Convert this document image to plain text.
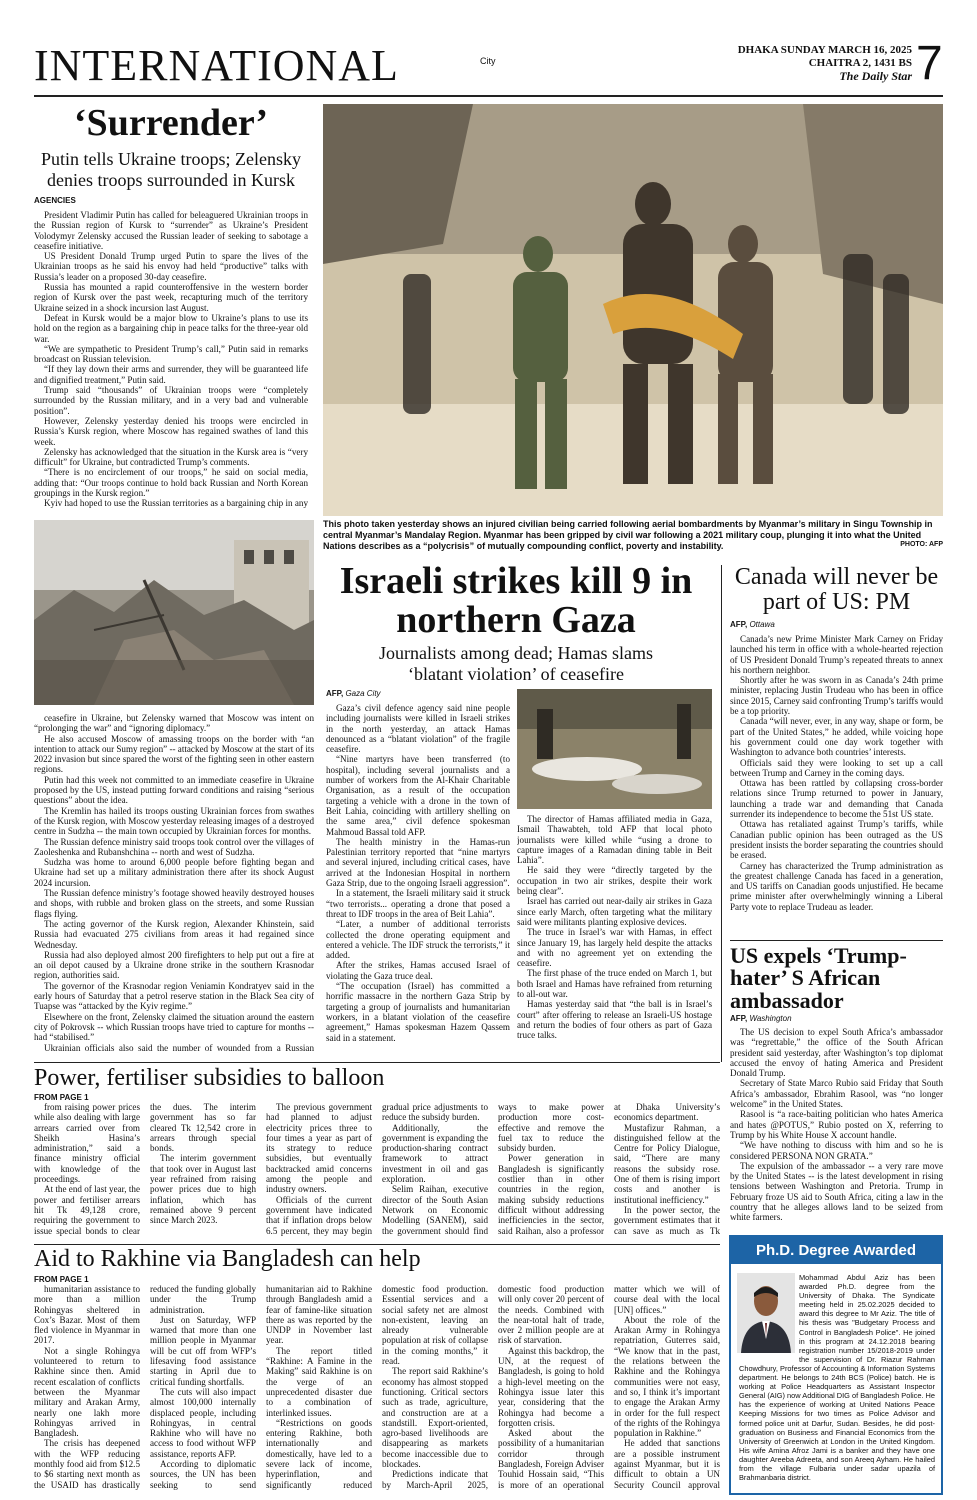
INTERNATIONAL	City
DHAKA SUNDAY MARCH 16, 2025
CHAITRA 2, 1431 BS
The Daily Star 7
‘Surrender’
Putin tells Ukraine troops; Zelensky denies troops surrounded in Kursk
AGENCIES

President Vladimir Putin has called for beleaguered Ukrainian troops in the Russian region of Kursk to “surrender” as Ukraine’s President Volodymyr Zelensky accused the Russian leader of seeking to sabotage a ceasefire initiative.

US President Donald Trump urged Putin to spare the lives of the Ukrainian troops as he said his envoy had held “productive” talks with Russia’s leader on a proposed 30-day ceasefire.

Russia has mounted a rapid counteroffensive in the western border region of Kursk over the past week, recapturing much of the territory Ukraine seized in a shock incursion last August.

Defeat in Kursk would be a major blow to Ukraine’s plans to use its hold on the region as a bargaining chip in peace talks for the three-year old war.

“We are sympathetic to President Trump’s call,” Putin said in remarks broadcast on Russian television.

“If they lay down their arms and surrender, they will be guaranteed life and dignified treatment,” Putin said.

Trump said “thousands” of Ukrainian troops were “completely surrounded by the Russian military, and in a very bad and vulnerable position”.

However, Zelensky yesterday denied his troops were encircled in Russia’s Kursk region, where Moscow has regained swathes of land this week.

Zelensky has acknowledged that the situation in the Kursk area is “very difficult” for Ukraine, but contradicted Trump’s comments.

“There is no encirclement of our troops,” he said on social media, adding that: “Our troops continue to hold back Russian and North Korean groupings in the Kursk region.”

Kyiv had hoped to use the Russian territories as a bargaining chip in any

ceasefire in Ukraine, but Zelensky warned that Moscow was intent on “prolonging the war” and “ignoring diplomacy.”

He also accused Moscow of amassing troops on the border with “an intention to attack our Sumy region” -- attacked by Moscow at the start of its 2022 invasion but since spared the worst of the fighting seen in other eastern regions.

Putin had this week not committed to an immediate ceasefire in Ukraine proposed by the US, instead putting forward conditions and raising “serious questions” about the idea.

The Kremlin has hailed its troops ousting Ukrainian forces from swathes of the Kursk region, with Moscow yesterday releasing images of a destroyed centre in Sudzha -- the main town occupied by Ukrainian forces for months.

The Russian defence ministry said troops took control over the villages of Zaoleshenka and Rubanshchina -- north and west of Sudzha.

Sudzha was home to around 6,000 people before fighting began and Ukraine had set up a military administration there after its shock August 2024 incursion.

The Russian defence ministry’s footage showed heavily destroyed houses and shops, with rubble and broken glass on the streets, and some Russian flags flying.

The acting governor of the Kursk region, Alexander Khinstein, said Russia had evacuated 275 civilians from areas it had regained since Wednesday.

Russia had also deployed almost 200 firefighters to help put out a fire at an oil depot caused by a Ukraine drone strike in the southern Krasnodar region, authorities said.

The governor of the Krasnodar region Veniamin Kondratyev said in the early hours of Saturday that a petrol reserve station in the Black Sea city of Tuapse was “attacked by the Kyiv regime.”

Elsewhere on the front, Zelensky claimed the situation around the eastern city of Pokrovsk -- which Russian troops have tried to capture for months -- had “stabilised.”

Ukrainian officials also said the number of wounded from a Russian

This photo taken yesterday shows an injured civilian being carried following aerial bombardments by Myanmar’s military in Singu Township in central Myanmar’s Mandalay Region. Myanmar has been gripped by civil war following a 2021 military coup, plunging it into what the United Nations describes as a “polycrisis” of mutually compounding conflict, poverty and instability.	PHOTO: AFP
Israeli strikes kill 9 in northern Gaza
Journalists among dead; Hamas slams ‘blatant violation’ of ceasefire
AFP, Gaza City

Gaza’s civil defence agency said nine people including journalists were killed in Israeli strikes in the north yesterday, an attack Hamas denounced as a “blatant violation” of the fragile ceasefire.

“Nine martyrs have been transferred (to hospital), including several journalists and a number of workers from the Al-Khair Charitable Organisation, as a result of the occupation targeting a vehicle with a drone in the town of Beit Lahia, coinciding with artillery shelling on the same area,” civil defence spokesman Mahmoud Bassal told AFP.

The health ministry in the Hamas-run Palestinian territory reported that “nine martyrs and several injured, including critical cases, have arrived at the Indonesian Hospital in northern Gaza Strip, due to the ongoing Israeli aggression”.

In a statement, the Israeli military said it struck “two terrorists... operating a drone that posed a threat to IDF troops in the area of Beit Lahia”.

“Later, a number of additional terrorists collected the drone operating equipment and entered a vehicle. The IDF struck the terrorists,” it added.

After the strikes, Hamas accused Israel of violating the Gaza truce deal.

“The occupation (Israel) has committed a horrific massacre in the northern Gaza Strip by targeting a group of journalists and humanitarian workers, in a blatant violation of the ceasefire agreement,” Hamas spokesman Hazem Qassem said in a statement.

The director of Hamas affiliated media in Gaza, Ismail Thawabteh, told AFP that local photo journalists were killed while “using a drone to capture images of a Ramadan dining table in Beit Lahia”.

He said they were “directly targeted by the occupation in two air strikes, despite their work being clear”.

Israel has carried out near-daily air strikes in Gaza since early March, often targeting what the military said were militants planting explosive devices.

The truce in Israel’s war with Hamas, in effect since January 19, has largely held despite the attacks and with no agreement yet on extending the ceasefire.

The first phase of the truce ended on March 1, but both Israel and Hamas have refrained from returning to all-out war.

Hamas yesterday said that “the ball is in Israel’s court” after offering to release an Israeli-US hostage and return the bodies of four others as part of Gaza truce talks.

Canada will never be part of US: PM
AFP, Ottawa

Canada’s new Prime Minister Mark Carney on Friday launched his term in office with a whole-hearted rejection of US President Donald Trump’s repeated threats to annex his northern neighbor.

Shortly after he was sworn in as Canada’s 24th prime minister, replacing Justin Trudeau who has been in office since 2015, Carney said confronting Trump’s tariffs would be a top priority.

Canada “will never, ever, in any way, shape or form, be part of the United States,” he added, while voicing hope his government could one day work together with Washington to advance both countries’ interests.

Officials said they were looking to set up a call between Trump and Carney in the coming days.

Ottawa has been rattled by collapsing cross-border relations since Trump returned to power in January, launching a trade war and demanding that Canada surrender its independence to become the 51st US state.

Ottawa has retaliated against Trump’s tariffs, while Canadian public opinion has been outraged as the US president insists the border separating the countries should be erased.

Carney has characterized the Trump administration as the greatest challenge Canada has faced in a generation, and US tariffs on Canadian goods unjustified. He became prime minister after overwhelmingly winning a Liberal Party vote to replace Trudeau as leader.

US expels ‘Trump-hater’ S African ambassador
AFP, Washington

The US decision to expel South Africa’s ambassador was “regrettable,” the office of the South African president said yesterday, after Washington’s top diplomat accused the envoy of hating America and President Donald Trump.

Secretary of State Marco Rubio said Friday that South Africa’s ambassador, Ebrahim Rasool, was “no longer welcome” in the United States.

Rasool is “a race-baiting politician who hates America and hates @POTUS,” Rubio posted on X, referring to Trump by his White House X account handle.

“We have nothing to discuss with him and so he is considered PERSONA NON GRATA.”

The expulsion of the ambassador -- a very rare move by the United States -- is the latest development in rising tensions between Washington and Pretoria. Trump in February froze US aid to South Africa, citing a law in the country that he alleges allows land to be seized from white farmers.

Power, fertiliser subsidies to balloon
FROM PAGE 1

from raising power prices while also dealing with large arrears carried over from Sheikh Hasina’s administration,” said a finance ministry official with knowledge of the proceedings.

At the end of last year, the power and fertiliser arrears hit Tk 49,128 crore, requiring the government to issue special bonds to clear the dues. The interim government has so far cleared Tk 12,542 crore in arrears through special bonds.

The interim government that took over in August last year refrained from raising power prices due to high inflation, which has remained above 9 percent since March 2023.

The previous government had planned to adjust electricity prices three to four times a year as part of its strategy to reduce subsidies, but eventually backtracked amid concerns among the people and industry owners.

Officials of the current government have indicated that if inflation drops below 6.5 percent, they may begin gradual price adjustments to reduce the subsidy burden.

Additionally, the government is expanding the production-sharing contract framework to attract investment in oil and gas exploration.

Selim Raihan, executive director of the South Asian Network on Economic Modelling (SANEM), said the government should find ways to make power production more cost-effective and remove the fuel tax to reduce the subsidy burden.

Power generation in Bangladesh is significantly costlier than in other countries in the region, making subsidy reductions difficult without addressing inefficiencies in the sector, said Raihan, also a professor at Dhaka University’s economics department.

Mustafizur Rahman, a distinguished fellow at the Centre for Policy Dialogue, said, “There are many reasons the subsidy rose. One of them is rising import costs and another is institutional inefficiency.”

In the power sector, the government estimates that it can save as much as Tk

Aid to Rakhine via Bangladesh can help
FROM PAGE 1

humanitarian assistance to more than a million Rohingyas sheltered in Cox’s Bazar. Most of them fled violence in Myanmar in 2017.

Not a single Rohingya volunteered to return to Rakhine since then. Amid recent escalation of conflicts between the Myanmar military and Arakan Army, nearly one lakh more Rohingyas arrived in Bangladesh.

The crisis has deepened with the WFP reducing monthly food aid from $12.5 to $6 starting next month as the USAID has drastically reduced the funding globally under the Trump administration.

Just on Saturday, WFP warned that more than one million people in Myanmar will be cut off from WFP’s lifesaving food assistance starting in April due to critical funding shortfalls.

The cuts will also impact almost 100,000 internally displaced people, including Rohingyas, in central Rakhine who will have no access to food without WFP assistance, reports AFP.

According to diplomatic sources, the UN has been seeking to send humanitarian aid to Rakhine through Bangladesh amid a fear of famine-like situation there as was reported by the UNDP in November last year.

The report titled “Rakhine: A Famine in the Making” said Rakhine is on the verge of an unprecedented disaster due to a combination of interlinked issues.

“Restrictions on goods entering Rakhine, both internationally and domestically, have led to a severe lack of income, hyperinflation, and significantly reduced domestic food production. Essential services and a social safety net are almost non-existent, leaving an already vulnerable population at risk of collapse in the coming months,” it read.

The report said Rakhine’s economy has almost stopped functioning. Critical sectors such as trade, agriculture, and construction are at a standstill. Export-oriented, agro-based livelihoods are disappearing as markets become inaccessible due to blockades.

Predictions indicate that by March-April 2025, domestic food production will only cover 20 percent of the needs. Combined with the near-total halt of trade, over 2 million people are at risk of starvation.

Against this backdrop, the UN, at the request of Bangladesh, is going to hold a high-level meeting on the Rohingya issue later this year, considering that the Rohingya had become a forgotten crisis.

Asked about the possibility of a humanitarian corridor through Bangladesh, Foreign Adviser Touhid Hossain said, “This is more of an operational matter which we will of course deal with the local [UN] offices.”

About the role of the Arakan Army in Rohingya repatriation, Guterres said, “We know that in the past, the relations between the Rakhine and the Rohingya communities were not easy, and so, I think it’s important to engage the Arakan Army in order for the full respect of the rights of the Rohingya population in Rakhine.”

He added that sanctions are a possible instrument against Myanmar, but it is difficult to obtain a UN Security Council approval

Ph.D. Degree Awarded
Mohammad Abdul Aziz has been awarded Ph.D. degree from the University of Dhaka. The Syndicate meeting held in 25.02.2025 decided to award this degree to Mr Aziz. The title of his thesis was "Budgetary Process and Control in Bangladesh Police". He joined in this program at 24.12.2018 bearing registration number 15/2018-2019 under the supervision of Dr. Riazur Rahman Chowdhury, Professor of Accounting & Information Systems department. He belongs to 24th BCS (Police) batch. He is working at Police Headquarters as Assistant Inspector General (AIG) now Additional DIG of Bangladesh Police. He has the experience of working at United Nations Peace Keeping Missions for two times as Police Advisor and formed police unit at Darfur, Sudan. Besides, he did post-graduation on Business and Financial Economics from the University of Greenwich at London in the United Kingdom. His wife Amina Afroz Jami is a banker and they have one daughter Areeba Adreeta, and son Areeq Ayham. He hailed from the village Fulbaria under sadar upazila of Brahmanbaria district.
